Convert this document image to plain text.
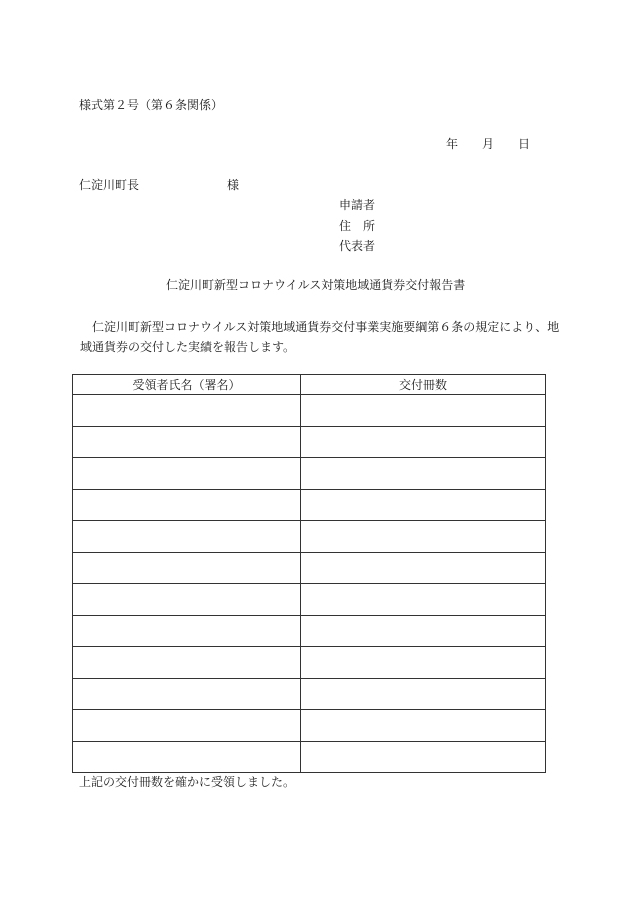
様式第２号（第６条関係）
年 月 日
仁淀川町長	様
申請者
住 所
代表者
仁淀川町新型コロナウイルス対策地域通貨券交付報告書
仁淀川町新型コロナウイルス対策地域通貨券交付事業実施要綱第６条の規定により、地域通貨券の交付した実績を報告します。
受領者氏名（署名）	交付冊数

上記の交付冊数を確かに受領しました。
